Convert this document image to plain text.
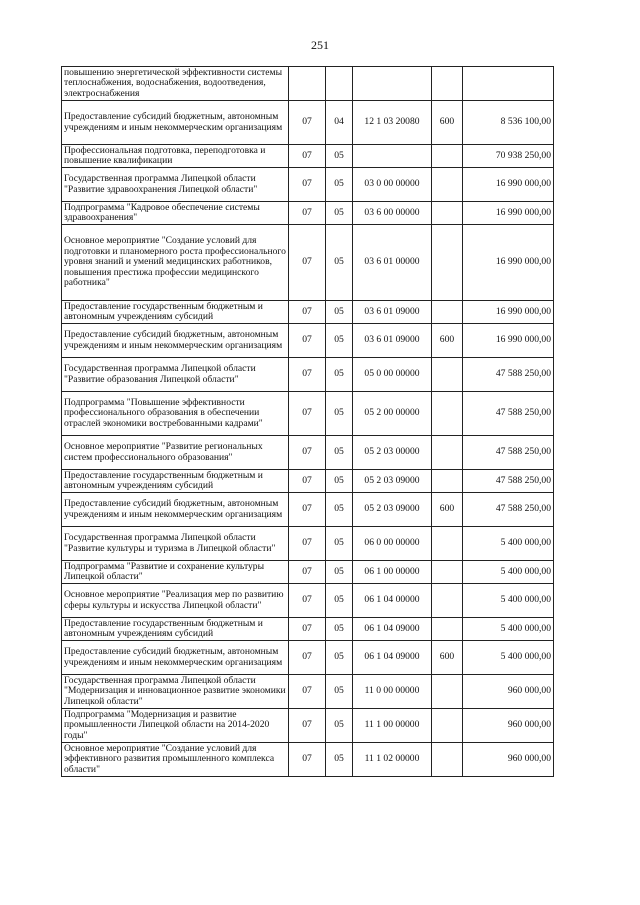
251
повышению энергетической эффективности системы теплоснабжения, водоснабжения, водоотведения, электроснабжения					
Предоставление субсидий бюджетным, автономным учреждениям и иным некоммерческим организациям	07	04	12 1 03 20080	600	8 536 100,00
Профессиональная подготовка, переподготовка и повышение квалификации	07	05			70 938 250,00
Государственная программа Липецкой области "Развитие здравоохранения Липецкой области"	07	05	03 0 00 00000		16 990 000,00
Подпрограмма "Кадровое обеспечение системы здравоохранения"	07	05	03 6 00 00000		16 990 000,00
Основное мероприятие "Создание условий для подготовки и планомерного роста профессионального уровня знаний и умений медицинских работников, повышения престижа профессии медицинского работника"	07	05	03 6 01 00000		16 990 000,00
Предоставление государственным бюджетным и автономным учреждениям субсидий	07	05	03 6 01 09000		16 990 000,00
Предоставление субсидий бюджетным, автономным учреждениям и иным некоммерческим организациям	07	05	03 6 01 09000	600	16 990 000,00
Государственная программа Липецкой области "Развитие образования Липецкой области"	07	05	05 0 00 00000		47 588 250,00
Подпрограмма "Повышение эффективности профессионального образования в обеспечении отраслей экономики востребованными кадрами"	07	05	05 2 00 00000		47 588 250,00
Основное мероприятие "Развитие региональных систем профессионального образования"	07	05	05 2 03 00000		47 588 250,00
Предоставление государственным бюджетным и автономным учреждениям субсидий	07	05	05 2 03 09000		47 588 250,00
Предоставление субсидий бюджетным, автономным учреждениям и иным некоммерческим организациям	07	05	05 2 03 09000	600	47 588 250,00
Государственная программа Липецкой области "Развитие культуры и туризма в Липецкой области"	07	05	06 0 00 00000		5 400 000,00
Подпрограмма "Развитие и сохранение культуры Липецкой области"	07	05	06 1 00 00000		5 400 000,00
Основное мероприятие "Реализация мер по развитию сферы культуры и искусства Липецкой области"	07	05	06 1 04 00000		5 400 000,00
Предоставление государственным бюджетным и автономным учреждениям субсидий	07	05	06 1 04 09000		5 400 000,00
Предоставление субсидий бюджетным, автономным учреждениям и иным некоммерческим организациям	07	05	06 1 04 09000	600	5 400 000,00
Государственная программа Липецкой области "Модернизация и инновационное развитие экономики Липецкой области"	07	05	11 0 00 00000		960 000,00
Подпрограмма "Модернизация и развитие промышленности Липецкой области на 2014-2020 годы"	07	05	11 1 00 00000		960 000,00
Основное мероприятие "Создание условий для эффективного развития промышленного комплекса области"	07	05	11 1 02 00000		960 000,00
